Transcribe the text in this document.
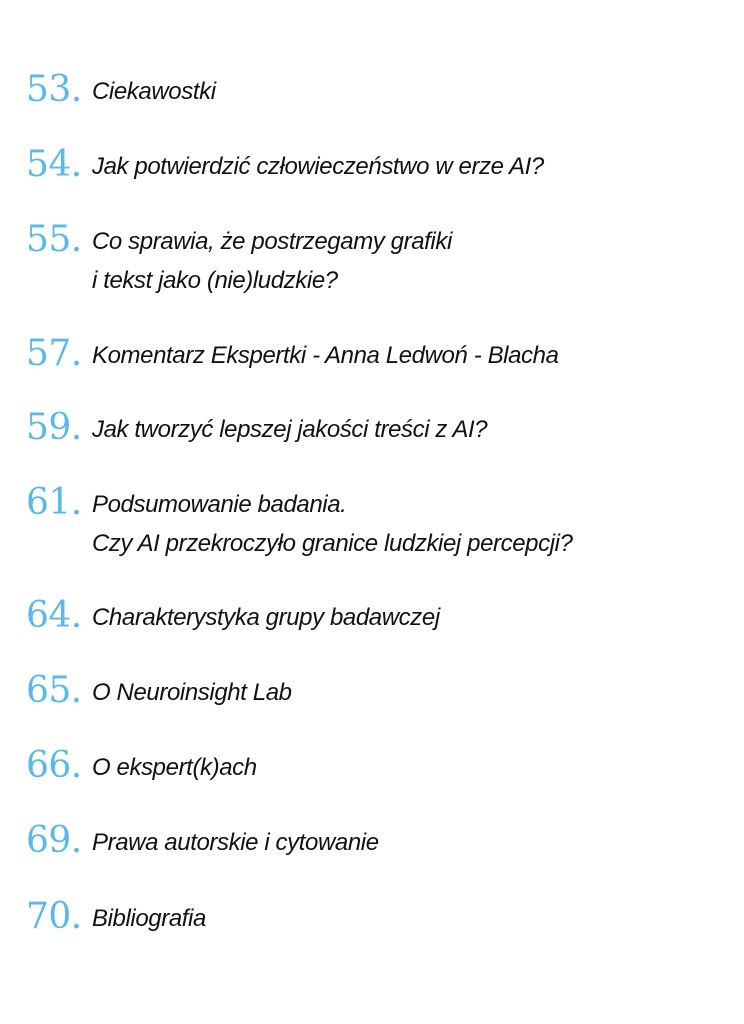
53. Ciekawostki
54. Jak potwierdzić człowieczeństwo w erze AI?
55. Co sprawia, że postrzegamy grafiki
i tekst jako (nie)ludzkie?
57. Komentarz Ekspertki - Anna Ledwoń - Blacha
59. Jak tworzyć lepszej jakości treści z AI?
61. Podsumowanie badania.
Czy AI przekroczyło granice ludzkiej percepcji?
64. Charakterystyka grupy badawczej
65. O Neuroinsight Lab
66. O ekspert(k)ach
69. Prawa autorskie i cytowanie
70. Bibliografia
